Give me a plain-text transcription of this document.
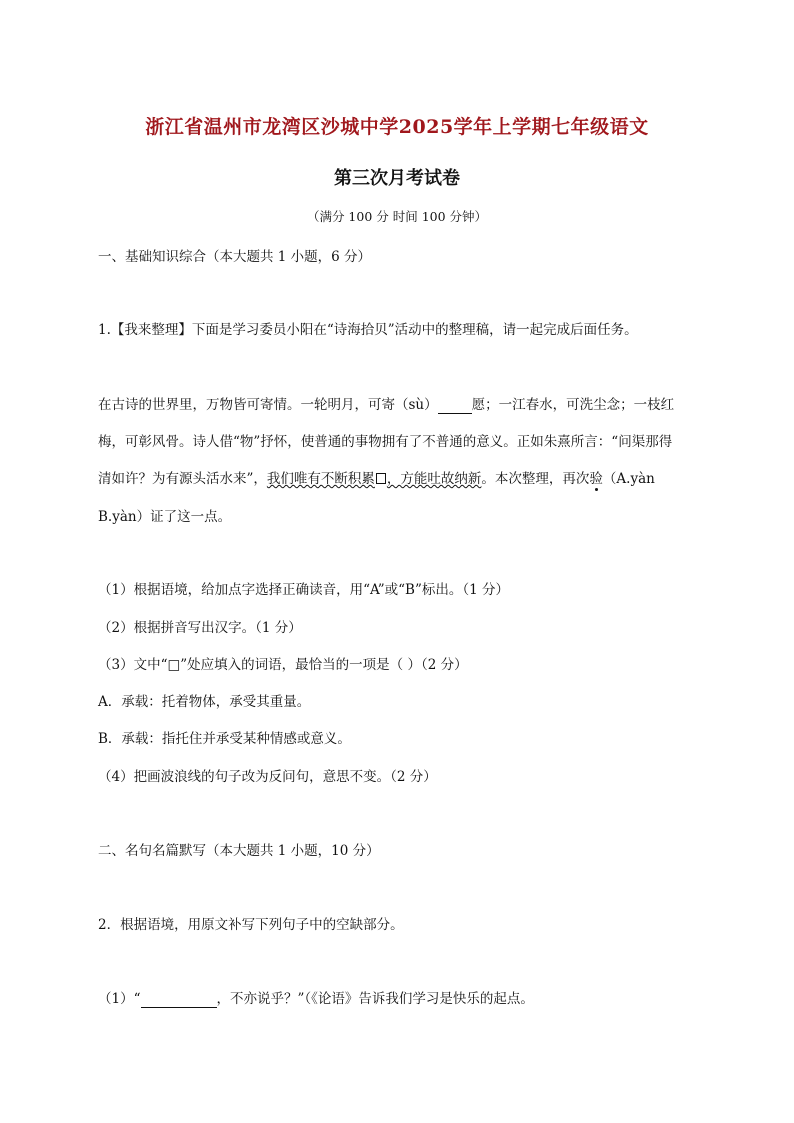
浙江省温州市龙湾区沙城中学2025学年上学期七年级语文
第三次月考试卷
（满分 100 分 时间 100 分钟）
一、基础知识综合（本大题共 1 小题，6 分）
1.【我来整理】下面是学习委员小阳在“诗海拾贝”活动中的整理稿，请一起完成后面任务。
在古诗的世界里，万物皆可寄情。一轮明月，可寄（sù）	愿；一江春水，可洗尘念；一枝红
梅，可彰风骨。诗人借“物”抒怀，使普通的事物拥有了不普通的意义。正如朱熹所言：“问渠那得
清如许？为有源头活水来”，我们唯有不断积累 ，方能吐故纳新。本次整理，再次验（A.yàn
B.yàn）证了这一点。
（1）根据语境，给加点字选择正确读音，用“A”或“B”标出。（1 分）
（2）根据拼音写出汉字。（1 分）
（3）文中“□”处应填入的词语，最恰当的一项是（ ）（2 分）
A．承载：托着物体，承受其重量。
B．承载：指托住并承受某种情感或意义。
（4）把画波浪线的句子改为反问句，意思不变。（2 分）
二、名句名篇默写（本大题共 1 小题，10 分）
2．根据语境，用原文补写下列句子中的空缺部分。
（1）“	，不亦说乎？”（《论语》告诉我们学习是快乐的起点。
